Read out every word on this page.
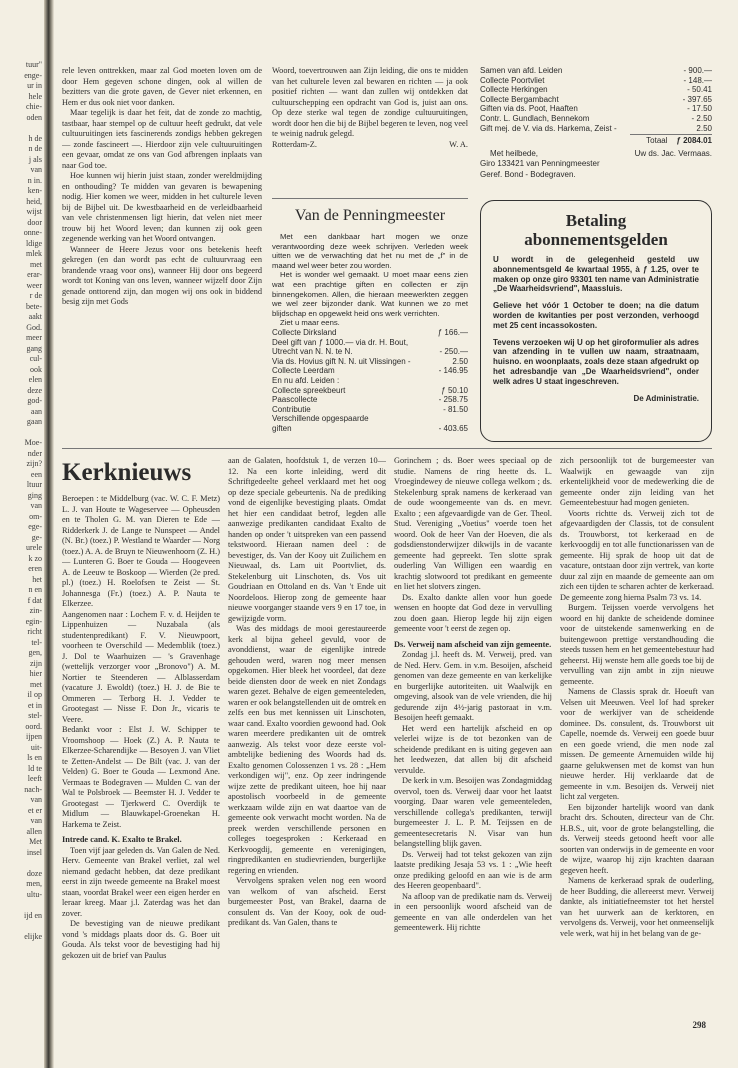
tuur"
enge-
ur in
hele
chie-
oden
h de
n de
j als
van
n in.
ken-
heid,
wijst
door
onne-
ldige
mlek
met
erar-
weer
r de
bete-
aakt
God.
meer
gang
cul-
ook
elen
deze
god-
aan
gaan
Moe-
nder
zijn?
een
ltuur
ging
van
om-
ege-
ge-
urele
k zo
eren
het
n en
f dat
zin-
egin-
richt
tel-
gen,
zijn
hier
met
il op
et in
stel-
oord.
ijpen
uit-
ls en
ld te
leeft
nach-
van
et er
van
allen
Met
insel
doze
men,
ultu-
ijd en
elijke

rele leven onttrekken, maar zal God moeten loven om de door Hem gegeven schone dingen, ook al willen de bezitters van die grote gaven, de Gever niet erkennen, en Hem er dus ook niet voor danken.

Maar tegelijk is daar het feit, dat de zonde zo machtig, tastbaar, haar stempel op de cultuur heeft gedrukt, dat vele cultuuruitingen iets fascinerends zondigs hebben gekregen — zonde fascineert —. Hierdoor zijn vele cultuuruitingen een gevaar, omdat ze ons van God afbrengen inplaats van naar God toe.

Hoe kunnen wij hierin juist staan, zonder wereldmijding en onthouding? Te midden van gevaren is bewapening nodig. Hier komen we weer, midden in het culturele leven bij de Bijbel uit. De kwestbaarheid en de verleidbaarheid van vele christenmensen ligt hierin, dat velen niet meer trouw bij het Woord leven; dan kunnen zij ook geen zegenende werking van het Woord ontvangen.

Wanneer de Heere Jezus voor ons betekenis heeft gekregen (en dan wordt pas echt de cultuurvraag een brandende vraag voor ons), wanneer Hij door ons begeerd wordt tot Koning van ons leven, wanneer wijzelf door Zijn genade onttorend zijn, dan mogen wij ons ook in biddend besig zijn met Gods

Woord, toevertrouwen aan Zijn leiding, die ons te midden van het culturele leven zal bewaren en richten — ja ook positief richten — want dan zullen wij ontdekken dat cultuurschepping een opdracht van God is, juist aan ons. Op deze sterke wal tegen de zondige cultuuruitingen, wordt door hen die bij de Bijbel begeren te leven, nog veel te weinig nadruk gelegd.

Rotterdam-Z.	W. A.
Van de Penningmeester

Met een dankbaar hart mogen we onze verantwoording deze week schrijven. Verleden week uitten we de verwachting dat het nu met de „f" in de maand wel weer beter zou worden.

Het is wonder wel gemaakt. U moet maar eens zien wat een prachtige giften en collecten er zijn binnengekomen. Allen, die hieraan meewerkten zeggen we wel zeer bijzonder dank. Wat kunnen we zo met blijdschap en opgewekt heid ons werk verrichten.

Ziet u maar eens.

Collecte Dirksland	ƒ 166.—
Deel gift van ƒ 1000.— via dr. H. Bout,	
Utrecht van N. N. te N.	- 250.—
Via ds. Hovius gift N. N. uit Vlissingen -	2.50
Collecte Leerdam	- 146.95
En nu afd. Leiden :	
Collecte spreekbeurt	ƒ 50.10
Paascollecte	- 258.75
Contributie	- 81.50
Verschillende opgespaarde	
giften	- 403.65
Samen van afd. Leiden	- 900.—
Collecte Poortvliet	- 148.—
Collecte Herkingen	- 50.41
Collecte Bergambacht	- 397.65
Giften via ds. Poot, Haaften	- 17.50
Contr. L. Gundlach, Bennekom	- 2.50
Gift mej. de V. via ds. Harkema, Zeist -	2.50
Totaal ƒ 2084.01
Met heilbede,	Uw ds. Jac. Vermaas.
Giro 133421 van Penningmeester
Geref. Bond - Bodegraven.
Betaling abonnementsgelden

U wordt in de gelegenheid gesteld uw abonnementsgeld 4e kwartaal 1955, à ƒ 1.25, over te maken op onze giro 93301 ten name van Administratie „De Waarheidsvriend", Maassluis.

Gelieve het vóór 1 October te doen; na die datum worden de kwitanties per post verzonden, verhoogd met 25 cent incassokosten.

Tevens verzoeken wij U op het giroformulier als adres van afzending in te vullen uw naam, straatnaam, huisno. en woonplaats, zoals deze staan afgedrukt op het adresbandje van „De Waarheidsvriend", onder welk adres U staat ingeschreven.

De Administratie.

Kerknieuws

Beroepen : te Middelburg (vac. W. C. F. Metz) L. J. van Houte te Wageservee — Opheusden en te Tholen G. M. van Dieren te Ede — Ridderkerk J. de Lange te Nunspeet — Andel (N. Br.) (toez.) P. Westland te Waarder — Norg (toez.) A. A. de Bruyn te Nieuwenhoorn (Z. H.) — Lunteren G. Boer te Gouda — Hoogeveen A. de Leeuw te Boskoop — Wierden (2e pred. pl.) (toez.) H. Roelofsen te Zeist — St. Johannesga (Fr.) (toez.) A. P. Nauta te Elkerzee.

Aangenomen naar : Lochem F. v. d. Heijden te Lippenhuizen — Nuzabala (als studentenpredikant) F. V. Nieuwpoort, voorheen te Overschild — Medemblik (toez.) J. Dol te Waarhuizen — 's Gravenhage (wettelijk verzorger voor „Bronovo") A. M. Nortier te Steenderen — Alblasserdam (vacature J. Ewoldt) (toez.) H. J. de Bie te Ommeren — Terborg H. J. Vedder te Grootegast — Nisse F. Don Jr., vicaris te Veere.

Bedankt voor : Elst J. W. Schipper te Vroomshoop — Hoek (Z.) A. P. Nauta te Elkerzee-Scharendijke — Besoyen J. van Vliet te Zetten-Andelst — De Bilt (vac. J. van der Velden) G. Boer te Gouda — Lexmond Ane. Vermaas te Bodegraven — Mulden C. van der Wal te Polsbroek — Beemster H. J. Vedder te Grootegast — Tjerkwerd C. Overdijk te Midlum — Blauwkapel-Groenekan H. Harkema te Zeist.

Intrede cand. K. Exalto te Brakel.

Toen vijf jaar geleden ds. Van Galen de Ned. Herv. Gemeente van Brakel verliet, zal wel niemand gedacht hebben, dat deze predikant eerst in zijn tweede gemeente na Brakel moest staan, voordat Brakel weer een eigen herder en leraar kreeg. Maar j.l. Zaterdag was het dan zover.

De bevestiging van de nieuwe predikant vond 's middags plaats door ds. G. Boer uit Gouda. Als tekst voor de bevestiging had hij gekozen uit de brief van Paulus

aan de Galaten, hoofdstuk 1, de verzen 10—12. Na een korte inleiding, werd dit Schriftgedeelte geheel verklaard met het oog op deze speciale gebeurtenis. Na de prediking vond de eigenlijke bevestiging plaats. Omdat het hier een candidaat betrof, legden alle aanwezige predikanten candidaat Exalto de handen op onder 't uitspreken van een passend tekstwoord. Hieraan namen deel : de bevestiger, ds. Van der Kooy uit Zuilichem en Nieuwaal, ds. Lam uit Poortvliet, ds. Stekelenburg uit Linschoten, ds. Vos uit Goudriaan en Ottoland en ds. Van 't Ende uit Noordeloos. Hierop zong de gemeente haar nieuwe voorganger staande vers 9 en 17 toe, in gewijzigde vorm.

Was des middags de mooi gerestaureerde kerk al bijna geheel gevuld, voor de avonddienst, waar de eigenlijke intrede gehouden werd, waren nog meer mensen opgekomen. Hier bleek het voordeel, dat deze beide diensten door de week en niet Zondags waren gezet. Behalve de eigen gemeenteleden, waren er ook belangstellenden uit de omtrek en zelfs een bus met kennissen uit Linschoten, waar cand. Exalto voordien gewoond had. Ook waren meerdere predikanten uit de omtrek aanwezig. Als tekst voor deze eerste vol-ambtelijke bediening des Woords had ds. Exalto genomen Colossenzen 1 vs. 28 : „Hem verkondigen wij", enz. Op zeer indringende wijze zette de predikant uiteen, hoe hij naar apostolisch voorbeeld in de gemeente werkzaam wilde zijn en wat daartoe van de gemeente ook verwacht mocht worden. Na de preek werden verschillende personen en colleges toegesproken : Kerkeraad en Kerkvoogdij, gemeente en verenigingen, ringpredikanten en studievrienden, burgerlijke regering en vrienden.

Vervolgens spraken velen nog een woord van welkom of van afscheid. Eerst burgemeester Post, van Brakel, daarna de consulent ds. Van der Kooy, ook de oud-predikant ds. Van Galen, thans te

Gorinchem ; ds. Boer wees speciaal op de studie. Namens de ring heette ds. L. Vroegindewey de nieuwe collega welkom ; ds. Stekelenburg sprak namens de kerkeraad van de oude woongemeente van ds. en mevr. Exalto ; een afgevaardigde van de Ger. Theol. Stud. Vereniging „Voetius" voerde toen het woord. Ook de heer Van der Hoeven, die als godsdienstonderwijzer dikwijls in de vacante gemeente had gepreekt. Ten slotte sprak ouderling Van Willigen een waardig en krachtig slotwoord tot predikant en gemeente en liet het slotvers zingen.

Ds. Exalto dankte allen voor hun goede wensen en hoopte dat God deze in vervulling zou doen gaan. Hierop legde hij zijn eigen gemeente voor 't eerst de zegen op.

Ds. Verweij nam afscheid van zijn gemeente.

Zondag j.l. heeft ds. M. Verweij, pred. van de Ned. Herv. Gem. in v.m. Besoijen, afscheid genomen van deze gemeente en van kerkelijke en burgerlijke autoriteiten. uit Waalwijk en omgeving, alsook van de vele vrienden, die hij gedurende zijn 4½-jarig pastoraat in v.m. Besoijen heeft gemaakt.

Het werd een hartelijk afscheid en op velerlei wijze is de tot bezonken van de scheidende predikant en is uiting gegeven aan het leedwezen, dat allen bij dit afscheid vervulde.

De kerk in v.m. Besoijen was Zondagmiddag overvol, toen ds. Verweij daar voor het laatst voorging. Daar waren vele gemeenteleden, verschillende collega's predikanten, terwijl burgemeester J. L. P. M. Teijssen en de gemeentesecretaris N. Visar van hun belangstelling blijk gaven.

Ds. Verweij had tot tekst gekozen van zijn laatste prediking Jesaja 53 vs. 1 : „Wie heeft onze prediking geloofd en aan wie is de arm des Heeren geopenbaard".

Na afloop van de predikatie nam ds. Verweij in een persoonlijk woord afscheid van de gemeente en van alle onderdelen van het gemeentewerk. Hij richtte

zich persoonlijk tot de burgemeester van Waalwijk en gewaagde van zijn erkentelijkheid voor de medewerking die de gemeente onder zijn leiding van het Gemeentebestuur had mogen genieten.

Voorts richtte ds. Verweij zich tot de afgevaardigden der Classis, tot de consulent ds. Trouwborst, tot kerkeraad en de kerkvoogdij en tot alle functionarissen van de gemeente. Hij sprak de hoop uit dat de vacature, ontstaan door zijn vertrek, van korte duur zal zijn en maande de gemeente aan om zich een tijden te scharen achter de kerkeraad. De gemeente zong hierna Psalm 73 vs. 14.

Burgem. Teijssen voerde vervolgens het woord en hij dankte de scheidende dominee voor de uitstekende samenwerking en de buitengewoon prettige verstandhouding die steeds tussen hem en het gemeentebestuur had geheerst. Hij wenste hem alle goeds toe bij de vervulling van zijn ambt in zijn nieuwe gemeente.

Namens de Classis sprak dr. Hoeuft van Velsen uit Meeuwen. Veel lof had spreker voor de werkijver van de scheidende dominee. Ds. consulent, ds. Trouwborst uit Capelle, noemde ds. Verweij een goede buur en een goede vriend, die men node zal missen. De gemeente Arnemuiden wilde hij gaarne gelukwensen met de komst van hun nieuwe herder. Hij verklaarde dat de gemeente in v.m. Besoijen ds. Verweij niet licht zal vergeten.

Een bijzonder hartelijk woord van dank bracht drs. Schouten, directeur van de Chr. H.B.S., uit, voor de grote belangstelling, die ds. Verweij steeds getoond heeft voor alle soorten van onderwijs in de gemeente en voor de wijze, waarop hij zijn krachten daaraan gegeven heeft.

Namens de kerkeraad sprak de ouderling, de heer Budding, die allereerst mevr. Verweij dankte, als initiatiefneemster tot het herstel van het uurwerk aan de kerktoren, en vervolgens ds. Verweij, voor het onmeenselijk vele werk, wat hij in het belang van de ge-

298
